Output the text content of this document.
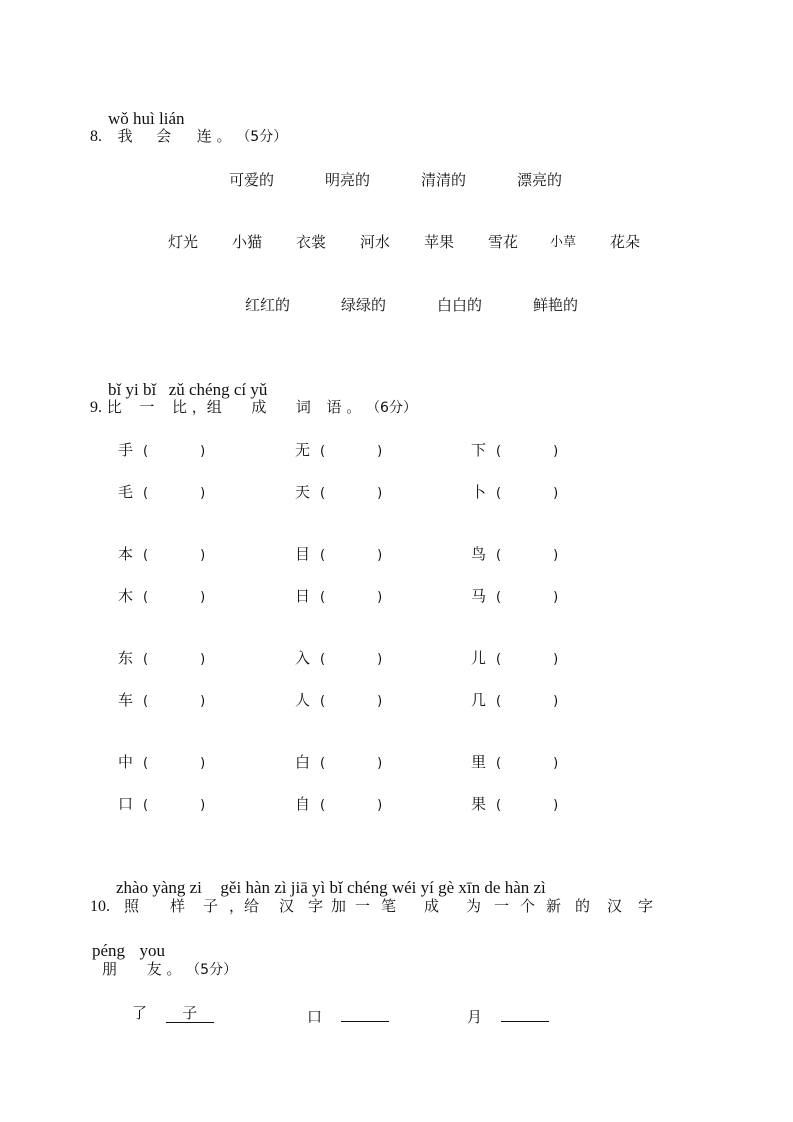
wǒ huì lián
8. 我 会 连 。 （5分）
可爱的	明亮的	清清的	漂亮的
灯光 小猫 衣裳 河水 苹果 雪花 小草 花朵
红红的	绿绿的	白白的	鲜艳的
bǐ yi bǐ zǔ chéng cí yǔ
9. 比 一 比 ，组 成 词 语 。 （6分）
手 (	)	无 (	)	下 (	)
毛 (	)	天 (	)	卜 (	)
本 (	)	目 (	)	鸟 (	)
木 (	)	日 (	)	马 (	)
东 (	)	入 (	)	儿 (	)
车 (	)	人 (	)	几 (	)
中 (	)	白 (	)	里 (	)
口 (	)	自 (	)	果 (	)
zhào yàng zi gěi hàn zì jiā yì bǐ chéng wéi yí gè xīn de hàn zì
10. 照 样 子 ，给 汉 字 加 一 笔 成 为 一 个 新 的 汉 字
péng you
朋 友 。 （5分）
了 子	口	月
